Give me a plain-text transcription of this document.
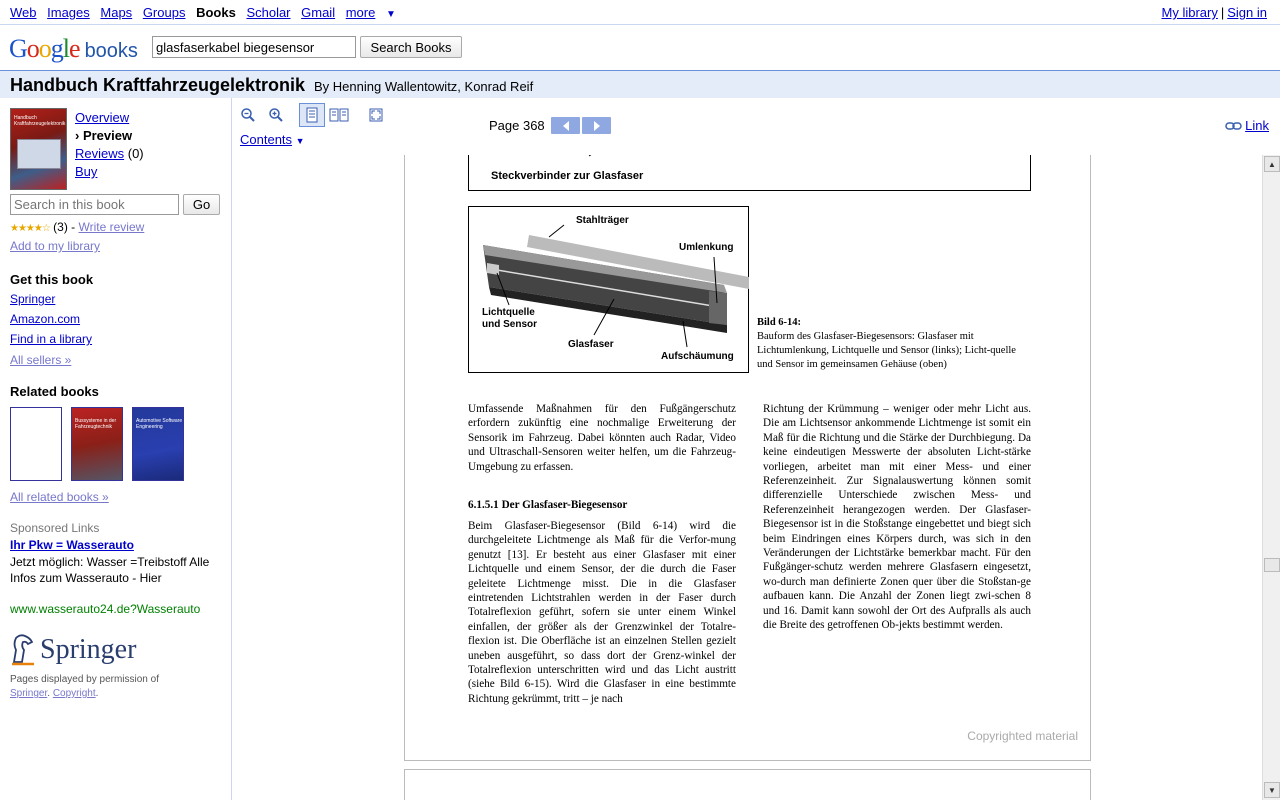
Web Images Maps Groups Books Scholar Gmail more ▼	My library | Sign in
Google books
glasfaserkabel biegesensor	Search Books
Handbuch Kraftfahrzeugelektronik By Henning Wallentowitz, Konrad Reif
Handbuch Kraftfahrzeugelektronik Overview
› Preview
Reviews (0)
Buy
Search in this book
Go
★★★★☆ (3) - Write review
Add to my library
Get this book
Springer
Amazon.com
Find in a library
All sellers »
Related books
Bussysteme in der Fahrzeugtechnik
Automotive Software Engineering
All related books »
Sponsored Links
Ihr Pkw = Wasserauto
Jetzt möglich: Wasser =Treibstoff Alle Infos zum Wasserauto - Hier
www.wasserauto24.de?Wasserauto
Springer
Pages displayed by permission of
Springer. Copyright.
Contents ▼
Page 368	Link
Steckverbinder zur Glasfaser
Stahlträger
Umlenkung
Lichtquelle
und Sensor
Glasfaser
Aufschäumung
Bild 6-14:
Bauform des Glasfaser-Biegesensors: Glasfaser mit Lichtumlenkung, Lichtquelle und Sensor (links); Licht-quelle und Sensor im gemeinsamen Gehäuse (oben)
Umfassende Maßnahmen für den Fußgängerschutz erfordern zukünftig eine nochmalige Erweiterung der Sensorik im Fahrzeug. Dabei könnten auch Radar, Video und Ultraschall-Sensoren weiter helfen, um die Fahrzeug-Umgebung zu erfassen.
6.1.5.1 Der Glasfaser-Biegesensor
Beim Glasfaser-Biegesensor (Bild 6-14) wird die durchgeleitete Lichtmenge als Maß für die Verfor-mung genutzt [13]. Er besteht aus einer Glasfaser mit einer Lichtquelle und einem Sensor, der die durch die Faser geleitete Lichtmenge misst. Die in die Glasfaser eintretenden Lichtstrahlen werden in der Faser durch Totalreflexion geführt, sofern sie unter einem Winkel einfallen, der größer als der Grenzwinkel der Totalre-flexion ist. Die Oberfläche ist an einzelnen Stellen gezielt uneben ausgeführt, so dass dort der Grenz-winkel der Totalreflexion unterschritten wird und das Licht austritt (siehe Bild 6-15). Wird die Glasfaser in eine bestimmte Richtung gekrümmt, tritt – je nach
Richtung der Krümmung – weniger oder mehr Licht aus. Die am Lichtsensor ankommende Lichtmenge ist somit ein Maß für die Richtung und die Stärke der Durchbiegung. Da keine eindeutigen Messwerte der absoluten Licht-stärke vorliegen, arbeitet man mit einer Mess- und einer Referenzeinheit. Zur Signalauswertung können somit differenzielle Unterschiede zwischen Mess- und Referenzeinheit herangezogen werden. Der Glasfaser-Biegesensor ist in die Stoßstange eingebettet und biegt sich beim Eindringen eines Körpers durch, was sich in den Veränderungen der Lichtstärke bemerkbar macht. Für den Fußgänger-schutz werden mehrere Glasfasern eingesetzt, wo-durch man definierte Zonen quer über die Stoßstan-ge aufbauen kann. Die Anzahl der Zonen liegt zwi-schen 8 und 16. Damit kann sowohl der Ort des Aufpralls als auch die Breite des getroffenen Ob-jekts bestimmt werden.
Copyrighted material
▲
▼
